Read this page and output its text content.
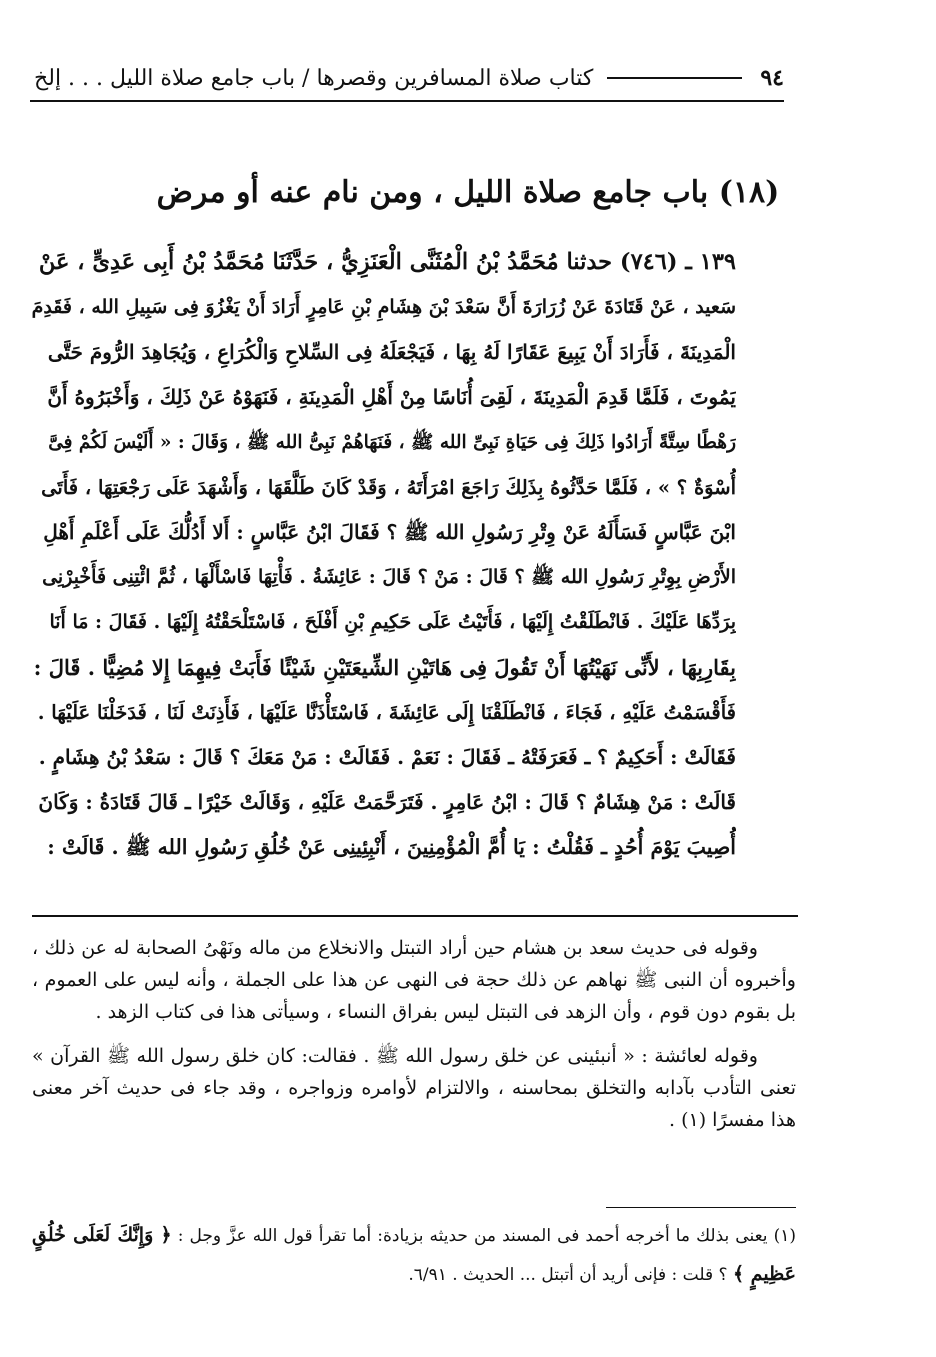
٩٤
كتاب صلاة المسافرين وقصرها / باب جامع صلاة الليل . . . إلخ
(١٨) باب جامع صلاة الليل ، ومن نام عنه أو مرض
١٣٩ ـ (٧٤٦) حدثنا مُحَمَّدُ بْنُ الْمُثَنَّى الْعَنَزِيُّ ، حَدَّثَنَا مُحَمَّدُ بْنُ أَبِى عَدِىٍّ ، عَنْ
سَعيد ، عَنْ قَتَادَةَ عَنْ زُرَارَةَ أَنَّ سَعْدَ بْنَ هِشَامِ بْنِ عَامِرٍ أَرَادَ أَنْ يَغْزُوَ فِى سَبِيلِ الله ، فَقَدِمَ
الْمَدِينَةَ ، فَأَرَادَ أَنْ يَبِيعَ عَقَارًا لَهُ بِهَا ، فَيَجْعَلَهُ فِى السِّلاحِ وَالْكُرَاعِ ، وَيُجَاهِدَ الرُّومَ حَتَّى
يَمُوتَ ، فَلَمَّا قَدِمَ الْمَدِينَةَ ، لَقِىَ أُنَاسًا مِنْ أَهْلِ الْمَدِينَةِ ، فَنَهَوْهُ عَنْ ذَلِكَ ، وَأَخْبَرُوهُ أَنَّ
رَهْطًا سِتَّةً أَرَادُوا ذَلِكَ فِى حَيَاةِ نَبِىِّ الله ﷺ ، فَنَهَاهُمْ نَبِىُّ الله ﷺ ، وَقَالَ : « أَلَيْسَ لَكُمْ فِىَّ
أُسْوَةٌ ؟ » ، فَلَمَّا حَدَّثُوهُ بِذَلِكَ رَاجَعَ امْرَأَتَهُ ، وَقَدْ كَانَ طَلَّقَهَا ، وَأَشْهَدَ عَلَى رَجْعَتِهَا ، فَأَتَى
ابْنَ عَبَّاسٍ فَسَأَلَهُ عَنْ وِتْرِ رَسُولِ الله ﷺ ؟ فَقَالَ ابْنُ عَبَّاسٍ : أَلا أَدُلُّكَ عَلَى أَعْلَمِ أَهْلِ
الأَرْضِ بِوِتْرِ رَسُولِ الله ﷺ ؟ قَالَ : مَنْ ؟ قَالَ : عَائِشَةُ . فَأْتِهَا فَاسْأَلْهَا ، ثُمَّ ائْتِنِى فَأَخْبِرْنِى
بِرَدِّهَا عَلَيْكَ . فَانْطَلَقْتُ إِلَيْهَا ، فَأَتَيْتُ عَلَى حَكِيمِ بْنِ أَفْلَحَ ، فَاسْتَلْحَقْتُهُ إِلَيْهَا . فَقَالَ : مَا أَنَا
بِقَارِبِهَا ، لأَنِّى نَهَيْتُهَا أَنْ تَقُولَ فِى هَاتَيْنِ الشِّيعَتَيْنِ شَيْئًا فَأَبَتْ فِيهِمَا إِلا مُضِيًّا . قَالَ :
فَأَقْسَمْتُ عَلَيْهِ ، فَجَاءَ ، فَانْطَلَقْنَا إِلَى عَائِشَةَ ، فَاسْتَأْذَنَّا عَلَيْهَا ، فَأَذِنَتْ لَنَا ، فَدَخَلْنَا عَلَيْهَا .
فَقَالَتْ : أَحَكِيمٌ ؟ ـ فَعَرَفَتْهُ ـ فَقَالَ : نَعَمْ . فَقَالَتْ : مَنْ مَعَكَ ؟ قَالَ : سَعْدُ بْنُ هِشَامٍ .
قَالَتْ : مَنْ هِشَامٌ ؟ قَالَ : ابْنُ عَامِرٍ . فَتَرَحَّمَتْ عَلَيْهِ ، وَقَالَتْ خَيْرًا ـ قَالَ قَتَادَةُ : وَكَانَ
أُصِيبَ يَوْمَ أُحُدٍ ـ فَقُلْتُ : يَا أُمَّ الْمُؤْمِنِينَ ، أَنْبِئِينِى عَنْ خُلُقِ رَسُولِ الله ﷺ . قَالَتْ :

وقوله فى حديث سعد بن هشام حين أراد التبتل والانخلاع من ماله ونَهْىُ الصحابة له عن ذلك ، وأخبروه أن النبى ﷺ نهاهم عن ذلك حجة فى النهى عن هذا على الجملة ، وأنه ليس على العموم ، بل بقوم دون قوم ، وأن الزهد فى التبتل ليس بفراق النساء ، وسيأتى هذا فى كتاب الزهد .

وقوله لعائشة : « أنبئينى عن خلق رسول الله ﷺ . فقالت: كان خلق رسول الله ﷺ القرآن » تعنى التأدب بآدابه والتخلق بمحاسنه ، والالتزام لأوامره وزواجره ، وقد جاء فى حديث آخر معنى هذا مفسرًا (١) .

(١) يعنى بذلك ما أخرجه أحمد فى المسند من حديثه بزيادة: أما تقرأ قول الله عزَّ وجل : ﴿ وَإِنَّكَ لَعَلَى خُلُقٍ عَظِيمٍ ﴾ ؟ قلت : فإنى أريد أن أتبتل ... الحديث . ٦/٩١.
